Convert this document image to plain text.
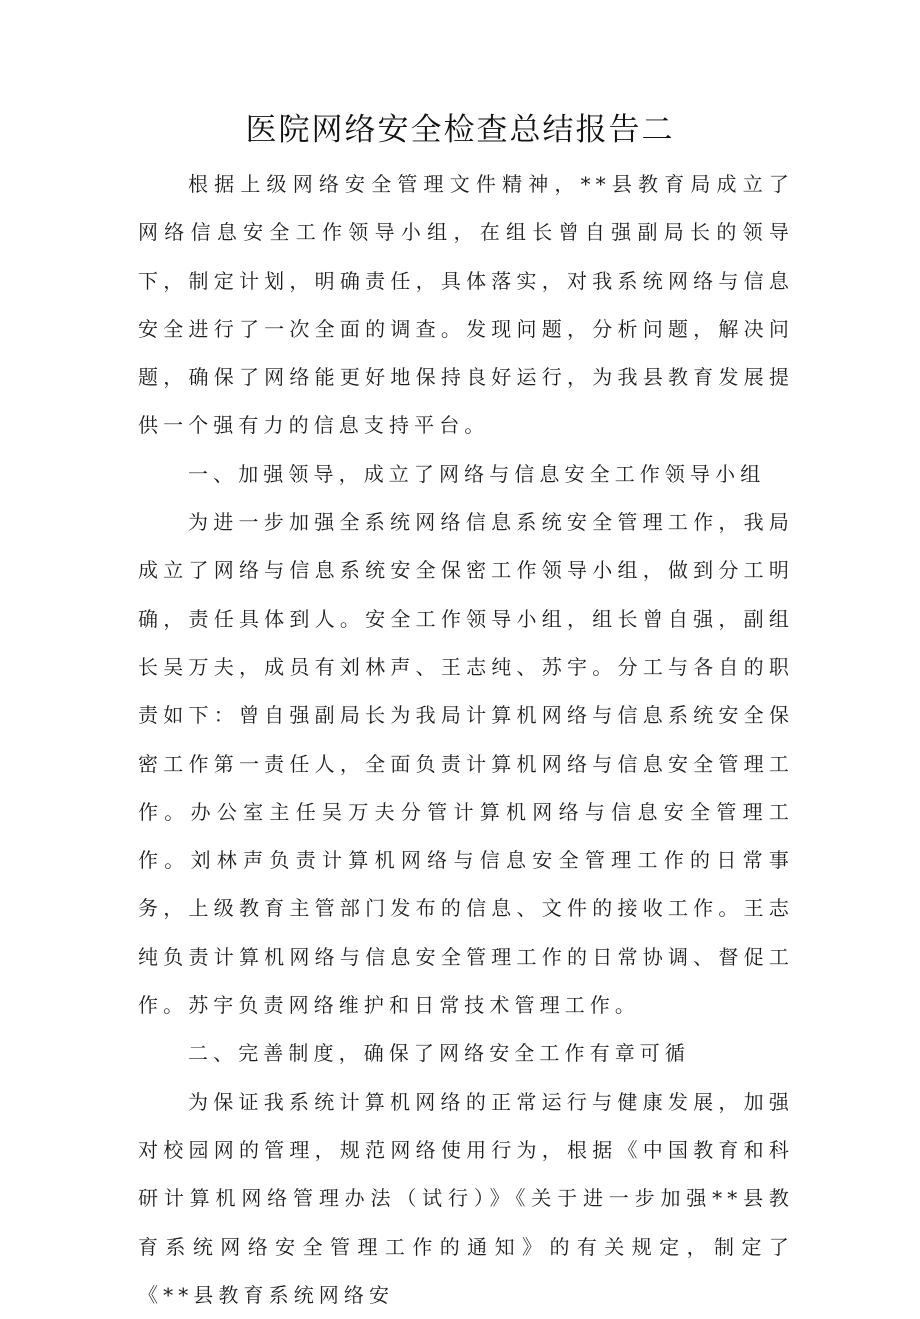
医院网络安全检查总结报告二

根据上级网络安全管理文件精神，**县教育局成立了网络信息安全工作领导小组，在组长曾自强副局长的领导下，制定计划，明确责任，具体落实，对我系统网络与信息安全进行了一次全面的调查。发现问题，分析问题，解决问题，确保了网络能更好地保持良好运行，为我县教育发展提供一个强有力的信息支持平台。

一、加强领导，成立了网络与信息安全工作领导小组

为进一步加强全系统网络信息系统安全管理工作，我局成立了网络与信息系统安全保密工作领导小组，做到分工明确，责任具体到人。安全工作领导小组，组长曾自强，副组长吴万夫，成员有刘林声、王志纯、苏宇。分工与各自的职责如下：曾自强副局长为我局计算机网络与信息系统安全保密工作第一责任人，全面负责计算机网络与信息安全管理工作。办公室主任吴万夫分管计算机网络与信息安全管理工作。刘林声负责计算机网络与信息安全管理工作的日常事务，上级教育主管部门发布的信息、文件的接收工作。王志纯负责计算机网络与信息安全管理工作的日常协调、督促工作。苏宇负责网络维护和日常技术管理工作。

二、完善制度，确保了网络安全工作有章可循

为保证我系统计算机网络的正常运行与健康发展，加强对校园网的管理，规范网络使用行为，根据《中国教育和科研计算机网络管理办法（试行）》《关于进一步加强**县教育系统网络安全管理工作的通知》的有关规定，制定了《**县教育系统网络安
